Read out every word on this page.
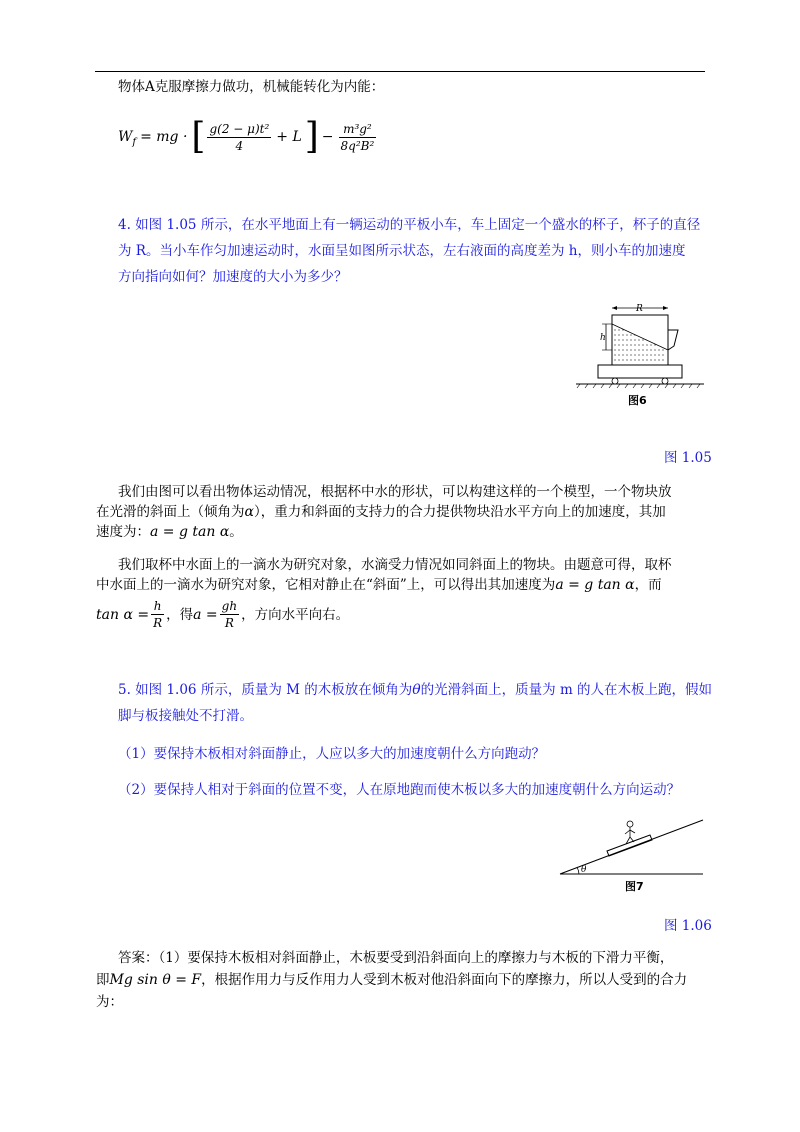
物体A克服摩擦力做功，机械能转化为内能：
W f = mg · [ $\frac{\text{g(2 − μ)t²}}{4} + L$ ] − $\frac{\text{m³g²}}{\text{8q²B²}}$
4. 如图 1.05 所示，在水平地面上有一辆运动的平板小车，车上固定一个盛水的杯子，杯子的直径
为 R。当小车作匀加速运动时，水面呈如图所示状态，左右液面的高度差为 h，则小车的加速度
方向指向如何？加速度的大小为多少？
R
h
图6
图 1.05
我们由图可以看出物体运动情况，根据杯中水的形状，可以构建这样的一个模型，一个物块放
在光滑的斜面上（倾角为α），重力和斜面的支持力的合力提供物块沿水平方向上的加速度，其加
速度为：a = g tan α。
我们取杯中水面上的一滴水为研究对象，水滴受力情况如同斜面上的物块。由题意可得，取杯
中水面上的一滴水为研究对象，它相对静止在“斜面”上，可以得出其加速度为a = g tan α，而
$\tan \alpha = \frac{h}{R}$ ，得 $a = \frac{gh}{R}$ ，方向水平向右。
5. 如图 1.06 所示，质量为 M 的木板放在倾角为θ的光滑斜面上，质量为 m 的人在木板上跑，假如
脚与板接触处不打滑。
（1）要保持木板相对斜面静止，人应以多大的加速度朝什么方向跑动？
（2）要保持人相对于斜面的位置不变，人在原地跑而使木板以多大的加速度朝什么方向运动？
θ
图7
图 1.06
答案：（1）要保持木板相对斜面静止，木板要受到沿斜面向上的摩擦力与木板的下滑力平衡，
即Mg sin θ = F，根据作用力与反作用力人受到木板对他沿斜面向下的摩擦力，所以人受到的合力
为：
